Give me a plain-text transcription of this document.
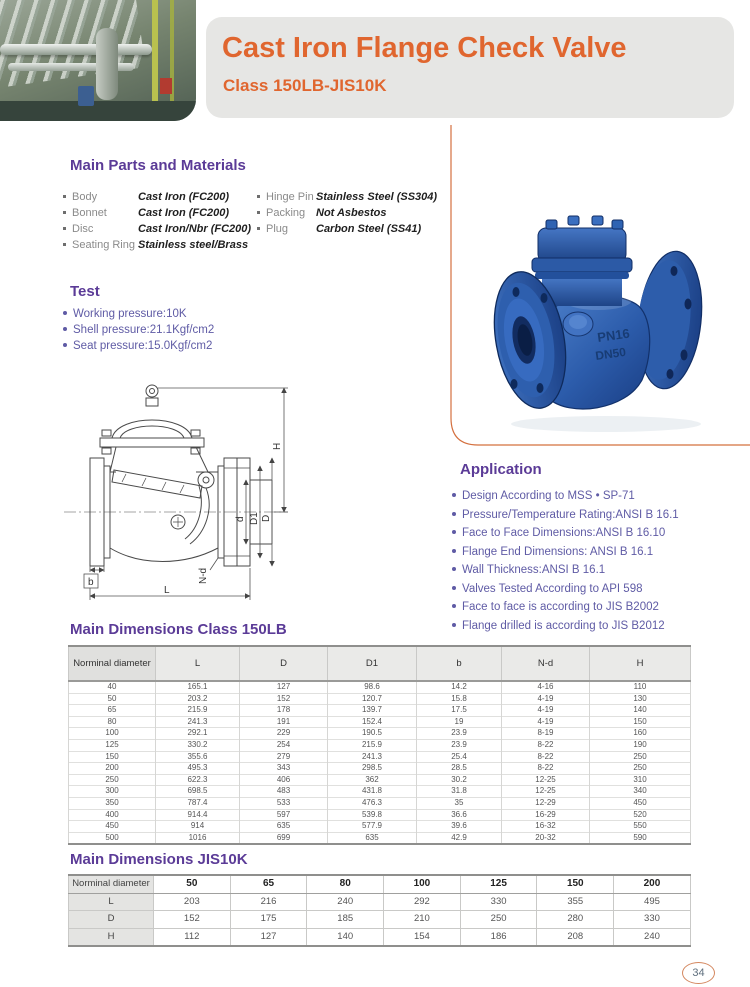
Cast Iron Flange Check Valve
Class 150LB-JIS10K
PN16
DN50
Main Parts and Materials
Body	Cast Iron (FC200)
Bonnet	Cast Iron (FC200)
Disc	Cast Iron/Nbr (FC200)
Seating Ring Stainless steel/Brass
Hinge Pin Stainless Steel (SS304)
Packing Not Asbestos
Plug	Carbon Steel (SS41)
Test
Working pressure:10K
Shell pressure:21.1Kgf/cm2
Seat pressure:15.0Kgf/cm2
H
d D1 D
N-d
b
L
Application
Design According to MSS • SP-71
Pressure/Temperature Rating:ANSI B 16.1
Face to Face Dimensions:ANSI B 16.10
Flange End Dimensions: ANSI B 16.1
Wall Thickness:ANSI B 16.1
Valves Tested According to API 598
Face to face is according to JIS B2002
Flange drilled is according to JIS B2012
Main Dimensions Class 150LB
Norminal diameter	L	D	D1	b	N-d	H
40	165.1	127	98.6	14.2	4-16	110
50	203.2	152	120.7	15.8	4-19	130
65	215.9	178	139.7	17.5	4-19	140
80	241.3	191	152.4	19	4-19	150
100	292.1	229	190.5	23.9	8-19	160
125	330.2	254	215.9	23.9	8-22	190
150	355.6	279	241.3	25.4	8-22	250
200	495.3	343	298.5	28.5	8-22	250
250	622.3	406	362	30.2	12-25	310
300	698.5	483	431.8	31.8	12-25	340
350	787.4	533	476.3	35	12-29	450
400	914.4	597	539.8	36.6	16-29	520
450	914	635	577.9	39.6	16-32	550
500	1016	699	635	42.9	20-32	590
Main Dimensions JIS10K
Norminal diameter	50	65	80	100	125	150	200
L	203	216	240	292	330	355	495
D	152	175	185	210	250	280	330
H	112	127	140	154	186	208	240
34
